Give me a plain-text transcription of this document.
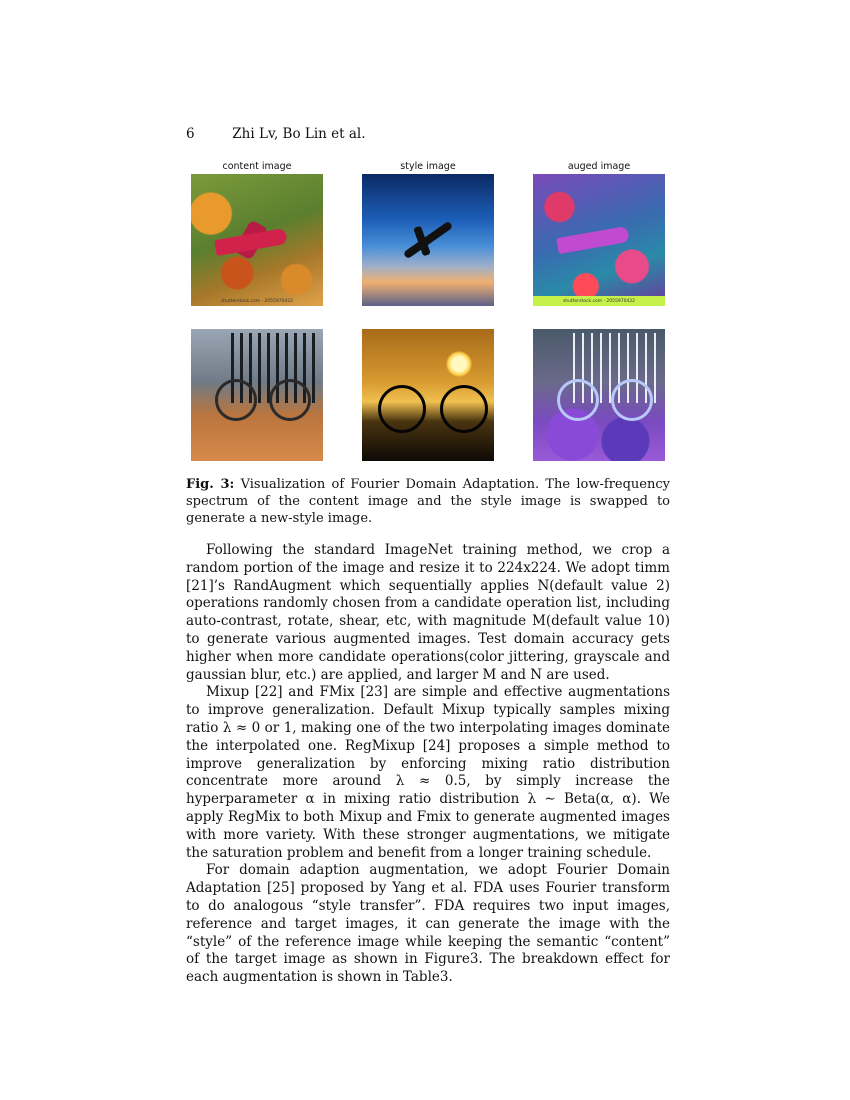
6	Zhi Lv, Bo Lin et al.
content image
shutterstock.com · 2055970422
style image	auged image
shutterstock.com · 2055970422
Fig. 3: Visualization of Fourier Domain Adaptation. The low-frequency spectrum of the content image and the style image is swapped to generate a new-style image.

Following the standard ImageNet training method, we crop a random portion of the image and resize it to 224x224. We adopt timm [21]’s RandAugment which sequentially applies N(default value 2) operations randomly chosen from a candidate operation list, including auto-contrast, rotate, shear, etc, with magnitude M(default value 10) to generate various augmented images. Test domain accuracy gets higher when more candidate operations(color jittering, grayscale and gaussian blur, etc.) are applied, and larger M and N are used.

Mixup [22] and FMix [23] are simple and effective augmentations to improve generalization. Default Mixup typically samples mixing ratio λ ≈ 0 or 1, making one of the two interpolating images dominate the interpolated one. RegMixup [24] proposes a simple method to improve generalization by enforcing mixing ratio distribution concentrate more around λ ≈ 0.5, by simply increase the hyperparameter α in mixing ratio distribution λ ∼ Beta(α, α). We apply RegMix to both Mixup and Fmix to generate augmented images with more variety. With these stronger augmentations, we mitigate the saturation problem and benefit from a longer training schedule.

For domain adaption augmentation, we adopt Fourier Domain Adaptation [25] proposed by Yang et al. FDA uses Fourier transform to do analogous “style transfer”. FDA requires two input images, reference and target images, it can generate the image with the “style” of the reference image while keeping the semantic “content” of the target image as shown in Figure3. The breakdown effect for each augmentation is shown in Table3.
